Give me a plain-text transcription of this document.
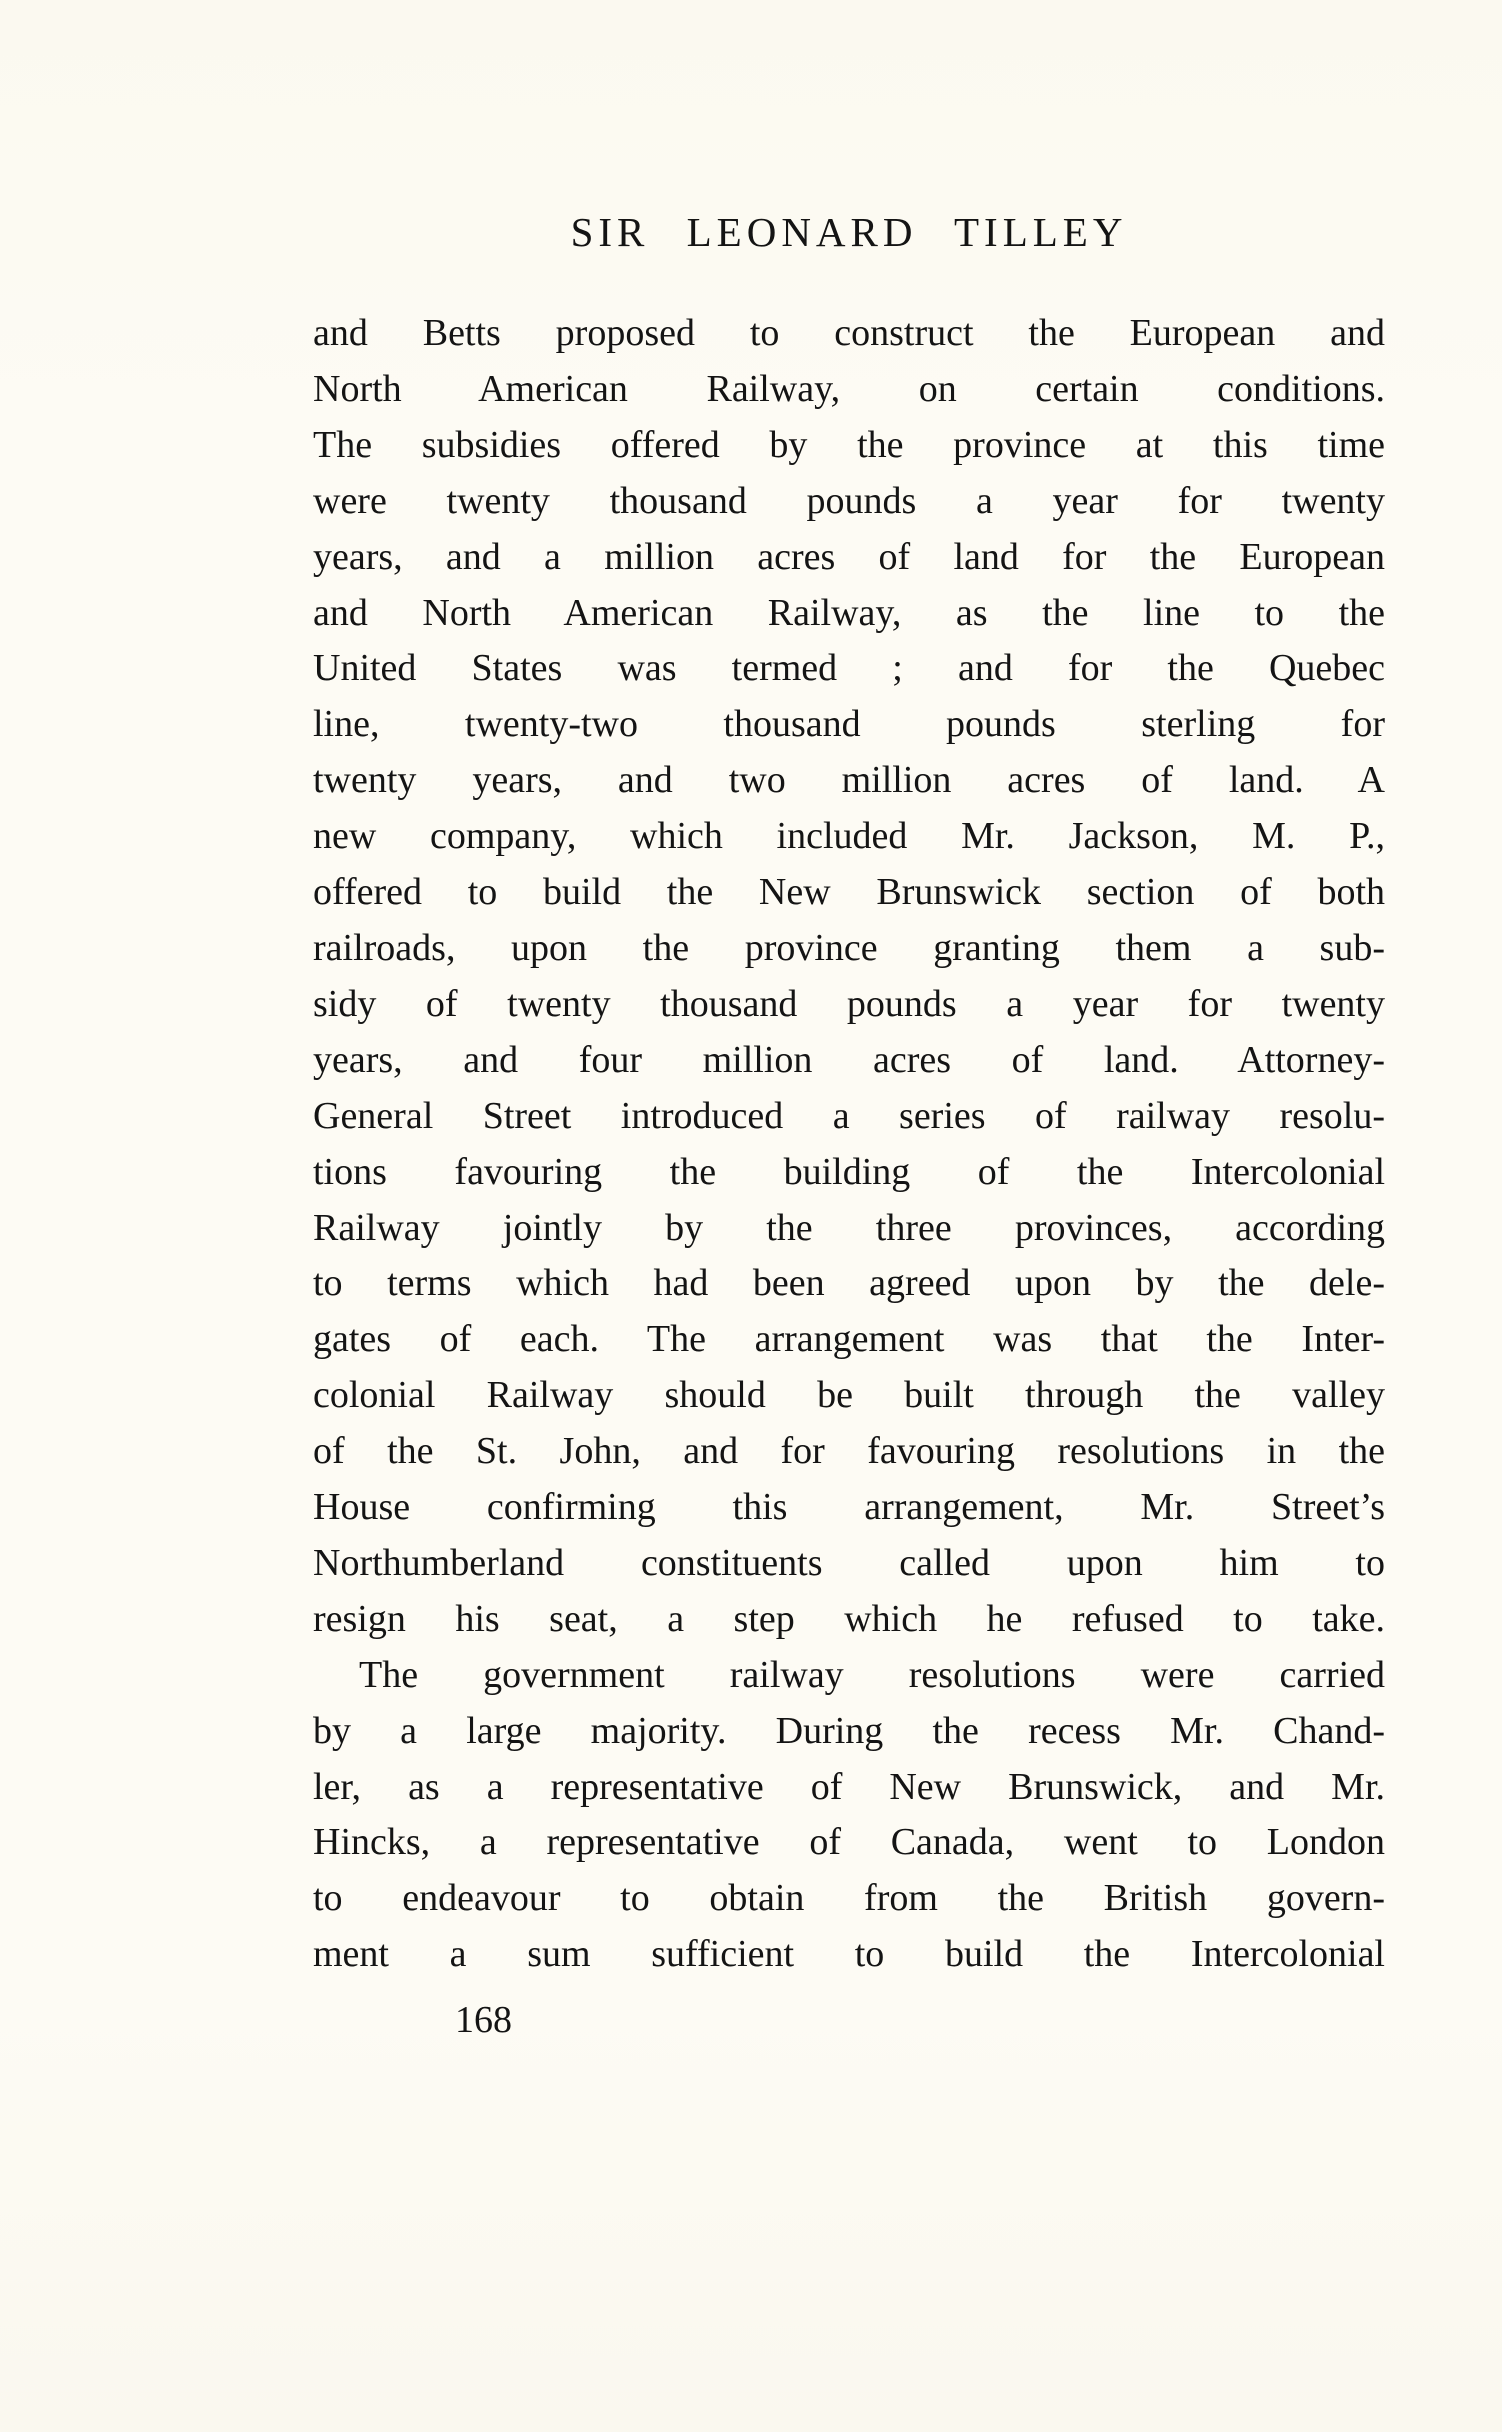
SIR LEONARD TILLEY
and Betts proposed to construct the European and
North American Railway, on certain conditions.
The subsidies offered by the province at this time
were twenty thousand pounds a year for twenty
years, and a million acres of land for the European
and North American Railway, as the line to the
United States was termed ; and for the Quebec
line, twenty-two thousand pounds sterling for
twenty years, and two million acres of land. A
new company, which included Mr. Jackson, M. P.,
offered to build the New Brunswick section of both
railroads, upon the province granting them a sub-
sidy of twenty thousand pounds a year for twenty
years, and four million acres of land. Attorney-
General Street introduced a series of railway resolu-
tions favouring the building of the Intercolonial
Railway jointly by the three provinces, according
to terms which had been agreed upon by the dele-
gates of each. The arrangement was that the Inter-
colonial Railway should be built through the valley
of the St. John, and for favouring resolutions in the
House confirming this arrangement, Mr. Street’s
Northumberland constituents called upon him to
resign his seat, a step which he refused to take.
The government railway resolutions were carried
by a large majority. During the recess Mr. Chand-
ler, as a representative of New Brunswick, and Mr.
Hincks, a representative of Canada, went to London
to endeavour to obtain from the British govern-
ment a sum sufficient to build the Intercolonial
168
